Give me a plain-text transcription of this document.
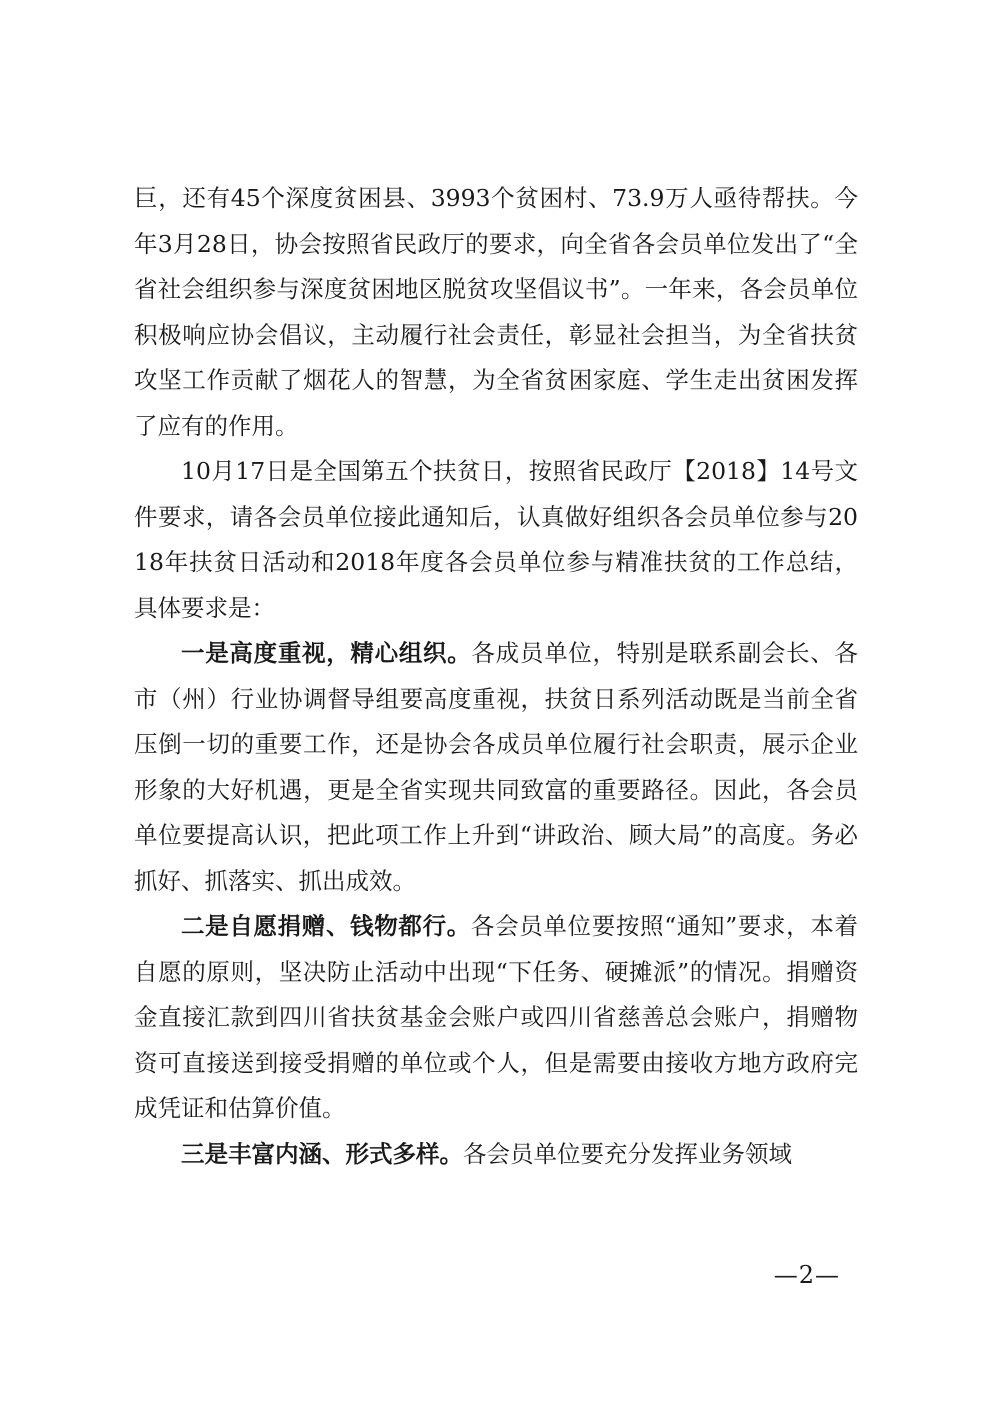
巨，还有45个深度贫困县、3993个贫困村、73.9万人亟待帮扶。今年3月28日，协会按照省民政厅的要求，向全省各会员单位发出了“全省社会组织参与深度贫困地区脱贫攻坚倡议书”。一年来，各会员单位积极响应协会倡议，主动履行社会责任，彰显社会担当，为全省扶贫攻坚工作贡献了烟花人的智慧，为全省贫困家庭、学生走出贫困发挥了应有的作用。

10月17日是全国第五个扶贫日，按照省民政厅【2018】14号文件要求，请各会员单位接此通知后，认真做好组织各会员单位参与2018年扶贫日活动和2018年度各会员单位参与精准扶贫的工作总结，具体要求是：

一是高度重视，精心组织。各成员单位，特别是联系副会长、各市（州）行业协调督导组要高度重视，扶贫日系列活动既是当前全省压倒一切的重要工作，还是协会各成员单位履行社会职责，展示企业形象的大好机遇，更是全省实现共同致富的重要路径。因此，各会员单位要提高认识，把此项工作上升到“讲政治、顾大局”的高度。务必抓好、抓落实、抓出成效。

二是自愿捐赠、钱物都行。各会员单位要按照“通知”要求，本着自愿的原则，坚决防止活动中出现“下任务、硬摊派”的情况。捐赠资金直接汇款到四川省扶贫基金会账户或四川省慈善总会账户，捐赠物资可直接送到接受捐赠的单位或个人，但是需要由接收方地方政府完成凭证和估算价值。

三是丰富内涵、形式多样。各会员单位要充分发挥业务领域

—2—
